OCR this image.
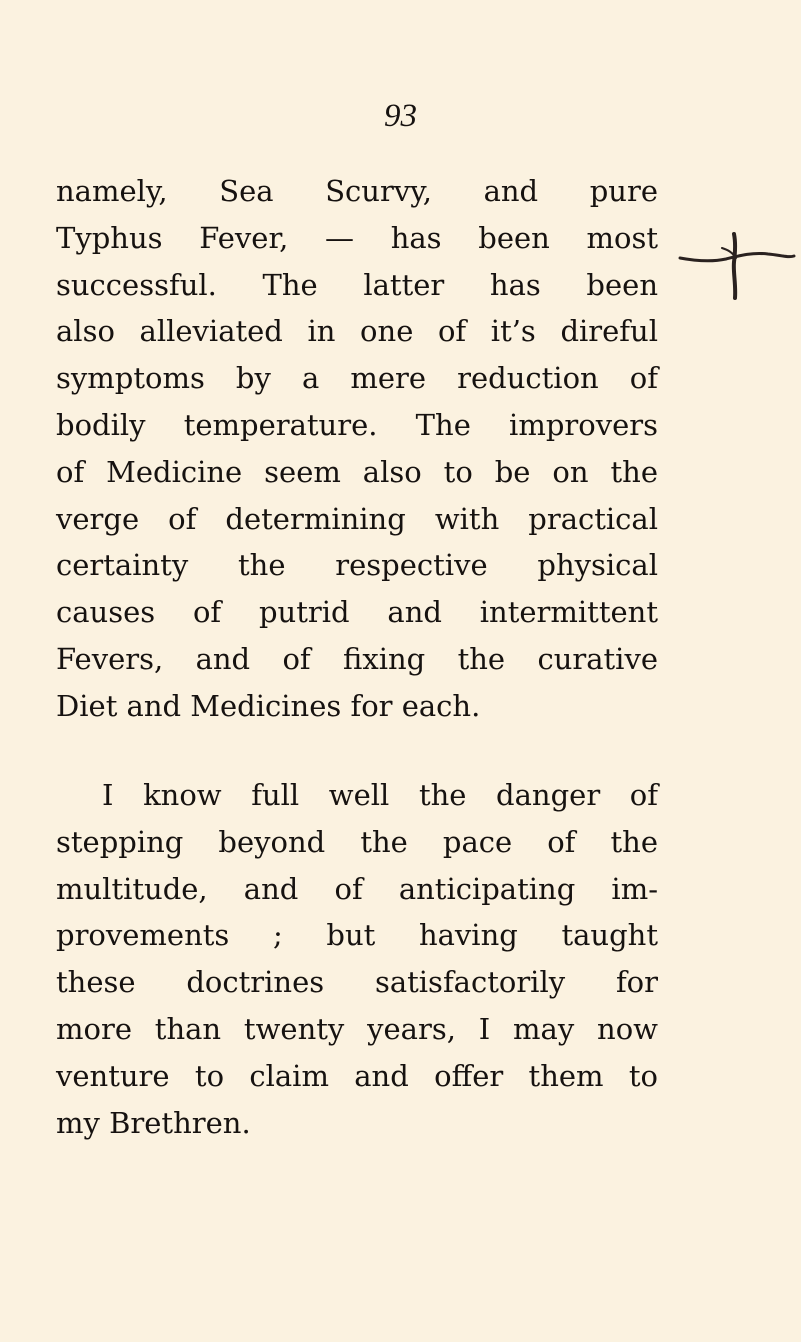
93
namely, Sea Scurvy, and pure
Typhus Fever, — has been most
successful. The latter has been
also alleviated in one of it’s direful
symptoms by a mere reduction of
bodily temperature. The improvers
of Medicine seem also to be on the
verge of determining with practical
certainty the respective physical
causes of putrid and intermittent
Fevers, and of fixing the curative
Diet and Medicines for each.
I know full well the danger of
stepping beyond the pace of the
multitude, and of anticipating im-
provements ; but having taught
these doctrines satisfactorily for
more than twenty years, I may now
venture to claim and offer them to
my Brethren.
